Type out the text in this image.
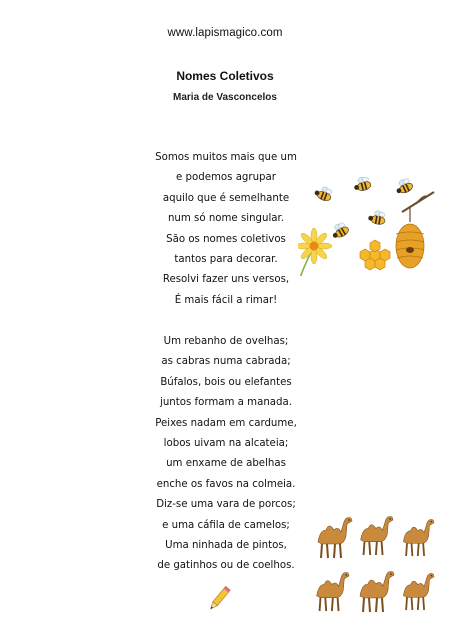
www.lapismagico.com
Nomes Coletivos
Maria de Vasconcelos
Somos muitos mais que um
e podemos agrupar
aquilo que é semelhante
num só nome singular.
São os nomes coletivos
tantos para decorar.
Resolvi fazer uns versos,
É mais fácil a rimar!
Um rebanho de ovelhas;
as cabras numa cabrada;
Búfalos, bois ou elefantes
juntos formam a manada.
Peixes nadam em cardume,
lobos uivam na alcateia;
um enxame de abelhas
enche os favos na colmeia.
Diz-se uma vara de porcos;
e uma cáfila de camelos;
Uma ninhada de pintos,
de gatinhos ou de coelhos.
